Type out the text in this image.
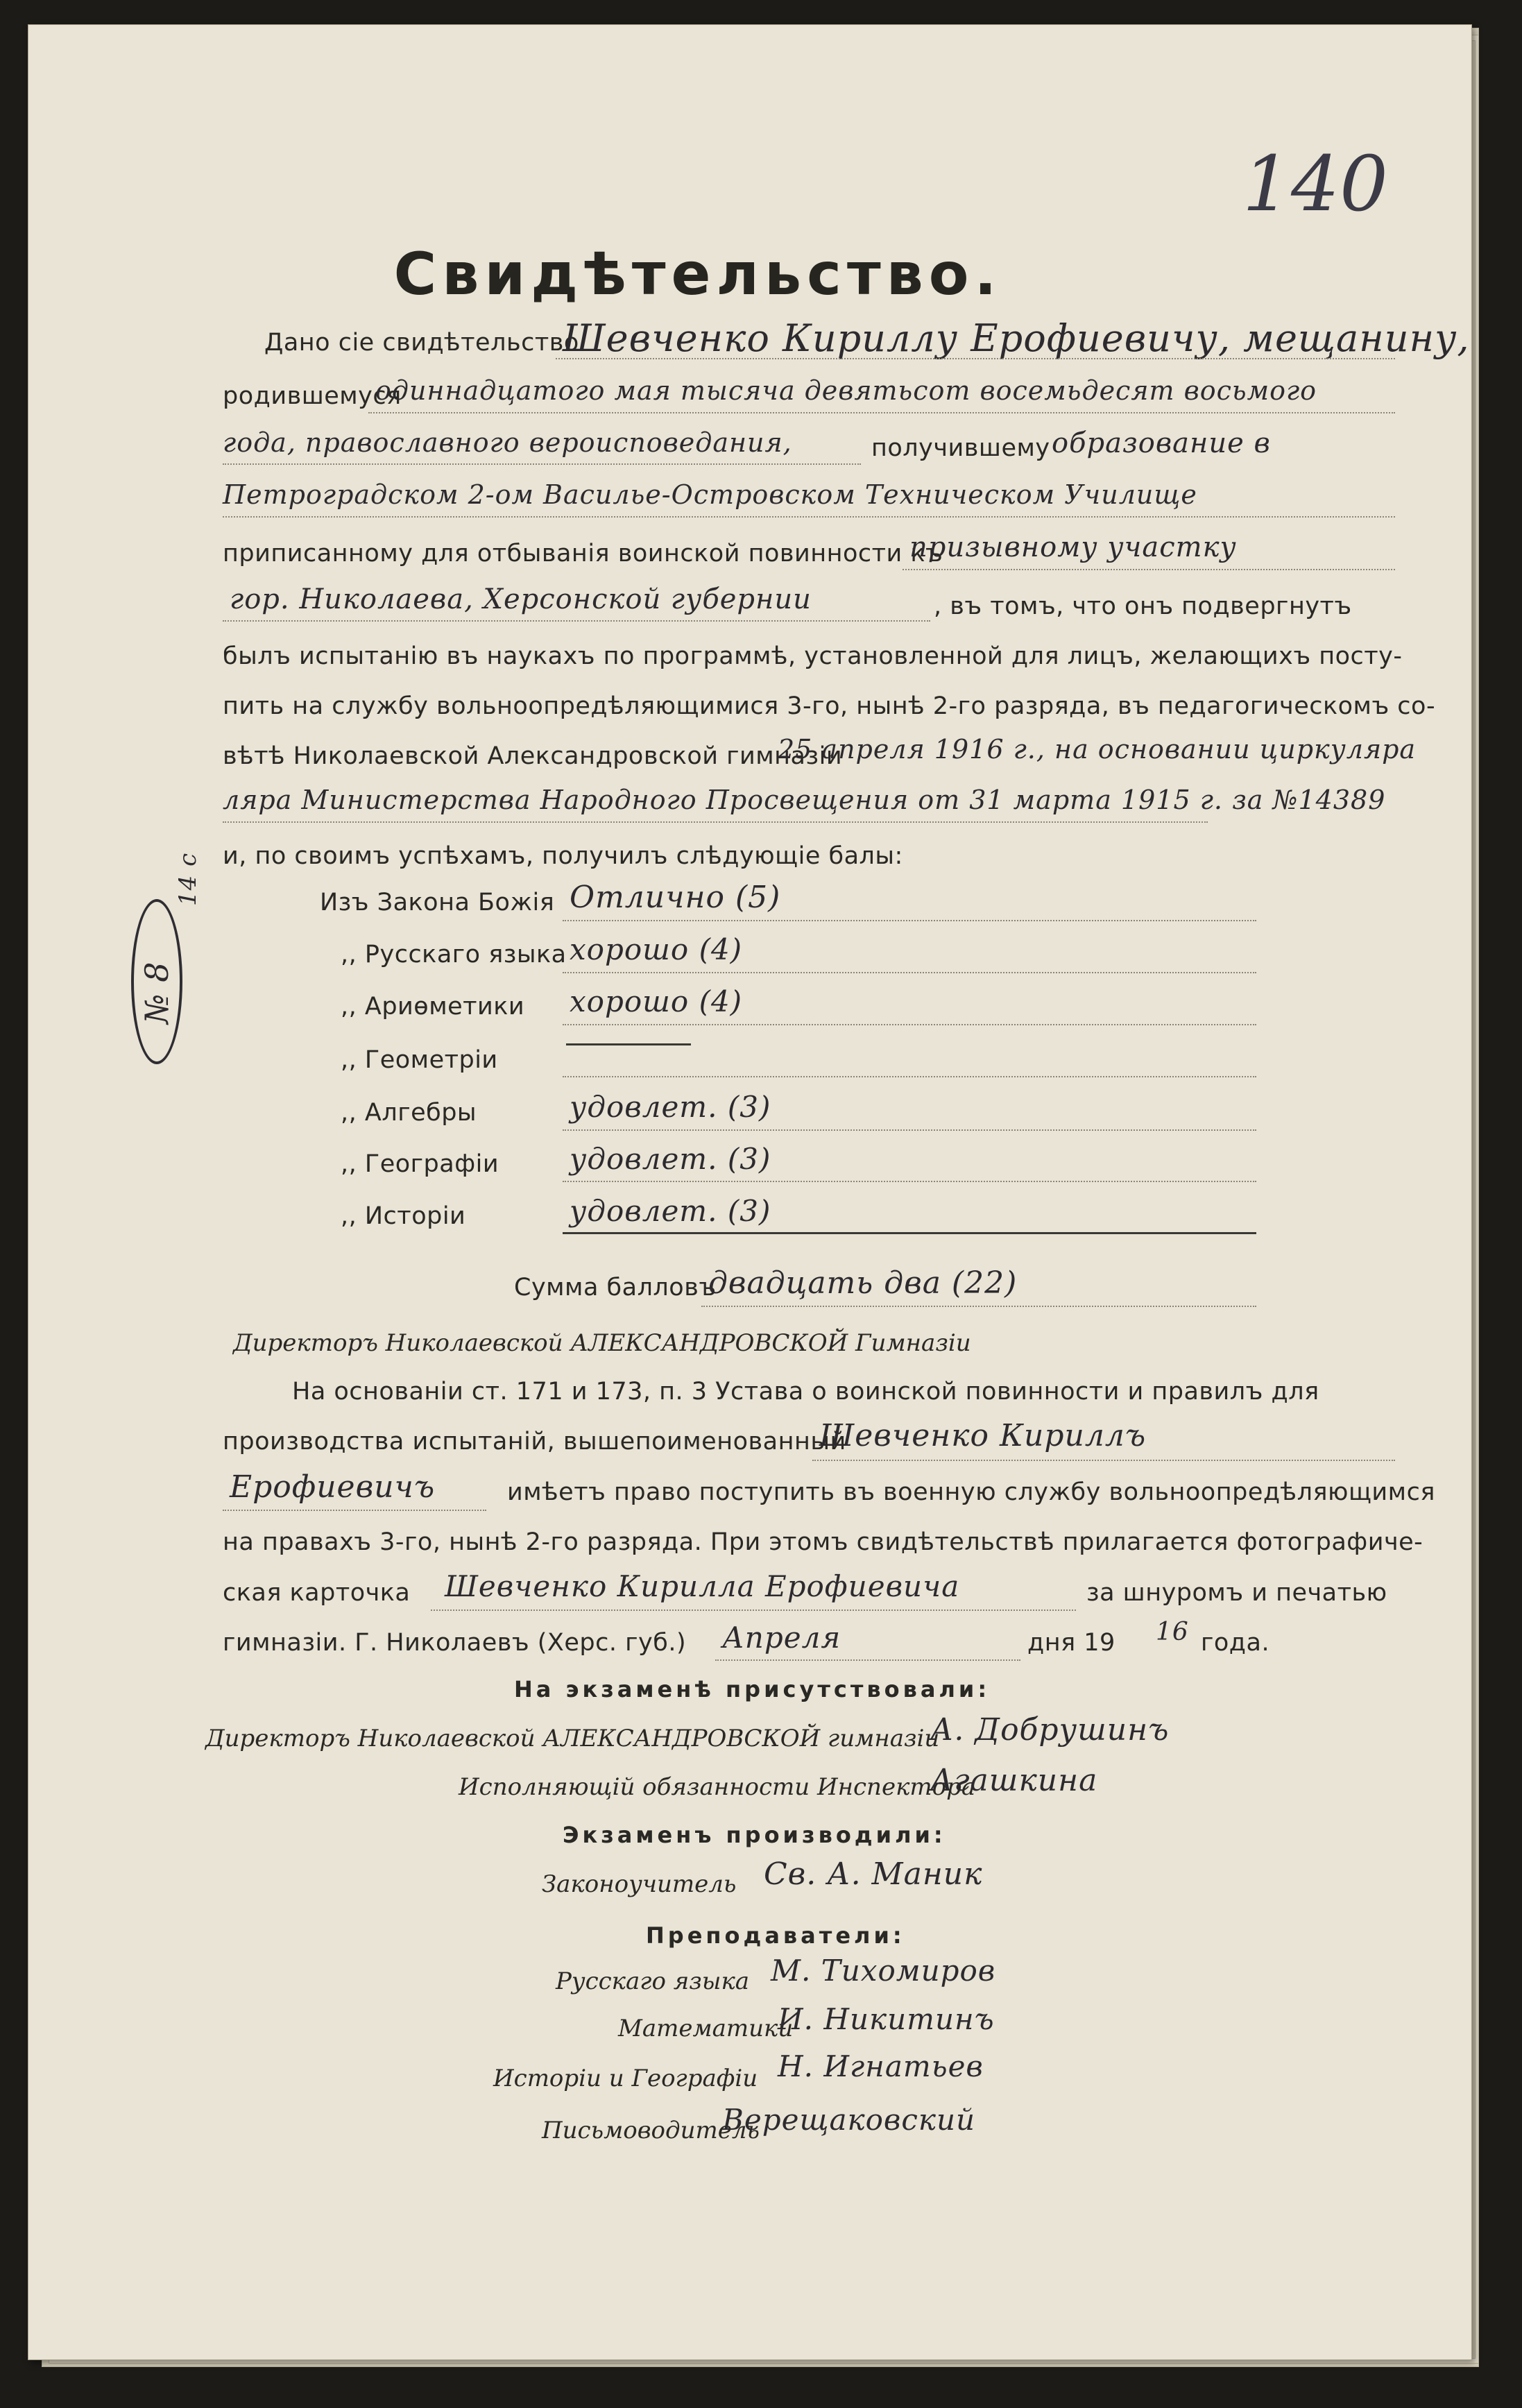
140
Свидѣтельство.
Дано сіе свидѣтельство
Шевченко Кириллу Ерофиевичу, мещанину,
родившемуся
одиннадцатого мая тысяча девятьсот восемьдесят восьмого
года, православного вероисповедания,	получившему образование в
Петроградском 2-ом Васильe-Островском Техническом Училище
приписанному для отбыванія воинской повинности къ
призывному участку
гор. Николаева, Херсонской губернии	, въ томъ, что онъ подвергнутъ
былъ испытанію въ наукахъ по программѣ, установленной для лицъ, желающихъ посту-
пить на службу вольноопредѣляющимися 3-го, нынѣ 2-го разряда, въ педагогическомъ со-
вѣтѣ Николаевской Александровской гимназіи
25 апреля 1916 г., на основании циркуляра
ляра Министерства Народного Просвещения от 31 марта 1915 г. за №14389
и, по своимъ успѣхамъ, получилъ слѣдующіе балы:
Изъ Закона Божія Отлично (5)
,, Русскаго языка хорошо (4)
,, Ариѳметики хорошо (4)
,, Геометріи
,, Алгебры	удовлет. (3)
,, Географіи удовлет. (3)
,, Исторіи	удовлет. (3)
Сумма балловъ
двадцать два (22)
Директоръ Николаевской АЛЕКСАНДРОВСКОЙ Гимназіи
На основаніи ст. 171 и 173, п. 3 Устава о воинской повинности и правилъ для
производства испытаній, вышепоименованный
Шевченко Кириллъ
Ерофиевичъ	имѣетъ право поступить въ военную службу вольноопредѣляющимся
на правахъ 3-го, нынѣ 2-го разряда. При этомъ свидѣтельствѣ прилагается фотографиче-
ская карточка Шевченко Кирилла Ерофиевича	за шнуромъ и печатью
гимназіи. Г. Николаевъ (Херс. губ.) Апреля	дня 19 16 года.
На экзаменѣ присутствовали:
Директоръ Николаевской АЛЕКСАНДРОВСКОЙ гимназіи
А. Добрушинъ
Исполняющій обязанности Инспектора
Агашкина
Экзаменъ производили:
Законоучитель Св. А. Маник
Преподаватели:
Русскаго языка М. Тихомиров
Математики
И. Никитинъ
Исторіи и Географіи Н. Игнатьев
Письмоводитель
Верещаковский
№ 8
14 с
